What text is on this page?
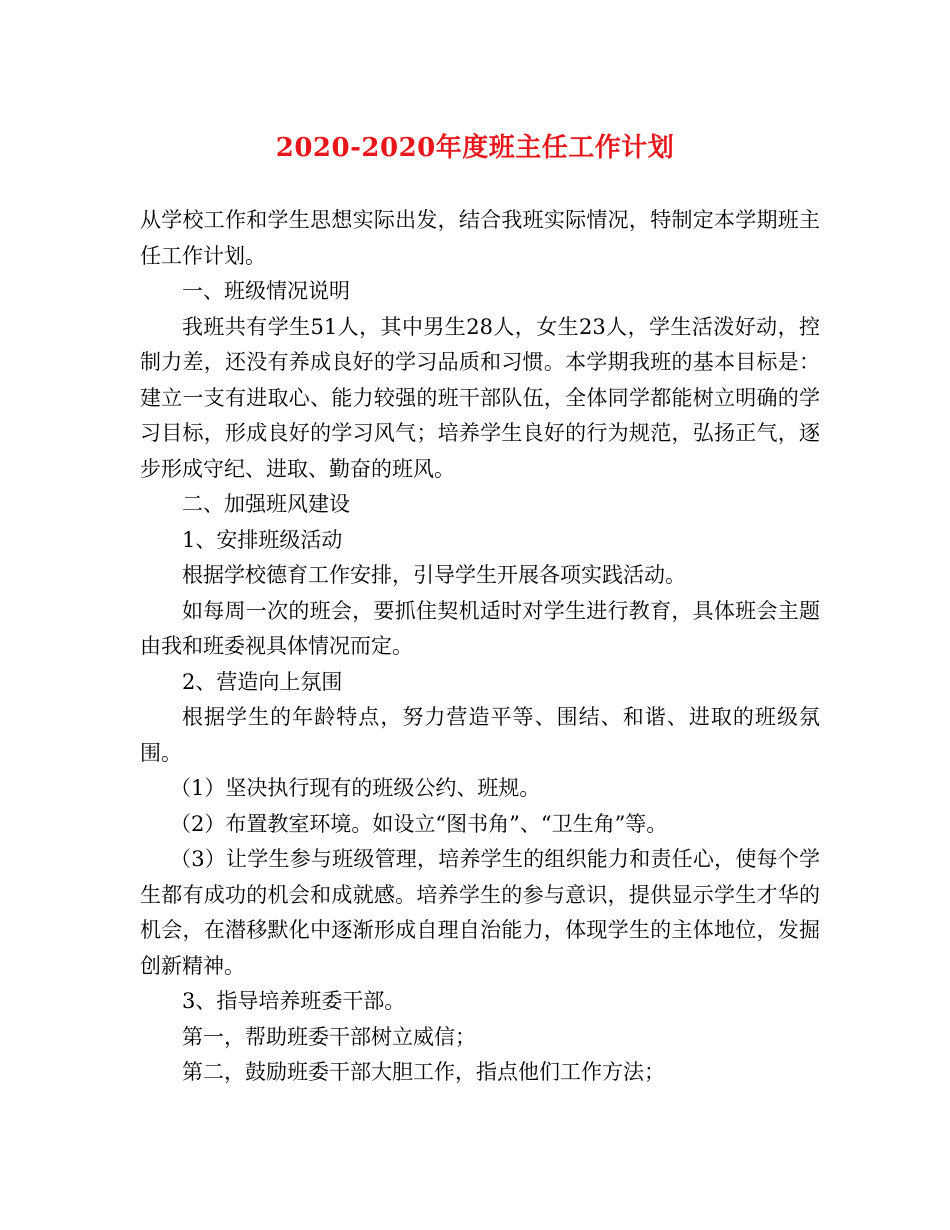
2020-2020年度班主任工作计划

从学校工作和学生思想实际出发，结合我班实际情况，特制定本学期班主任工作计划。

一、班级情况说明

我班共有学生51人，其中男生28人，女生23人，学生活泼好动，控制力差，还没有养成良好的学习品质和习惯。本学期我班的基本目标是：建立一支有进取心、能力较强的班干部队伍，全体同学都能树立明确的学习目标，形成良好的学习风气；培养学生良好的行为规范，弘扬正气，逐步形成守纪、进取、勤奋的班风。

二、加强班风建设

1、安排班级活动

根据学校德育工作安排，引导学生开展各项实践活动。

如每周一次的班会，要抓住契机适时对学生进行教育，具体班会主题由我和班委视具体情况而定。

2、营造向上氛围

根据学生的年龄特点，努力营造平等、围结、和谐、进取的班级氛围。

（1）坚决执行现有的班级公约、班规。

（2）布置教室环境。如设立“图书角”、“卫生角”等。

（3）让学生参与班级管理，培养学生的组织能力和责任心，使每个学生都有成功的机会和成就感。培养学生的参与意识，提供显示学生才华的机会，在潜移默化中逐渐形成自理自治能力，体现学生的主体地位，发掘创新精神。

3、指导培养班委干部。

第一，帮助班委干部树立威信；

第二，鼓励班委干部大胆工作，指点他们工作方法；
